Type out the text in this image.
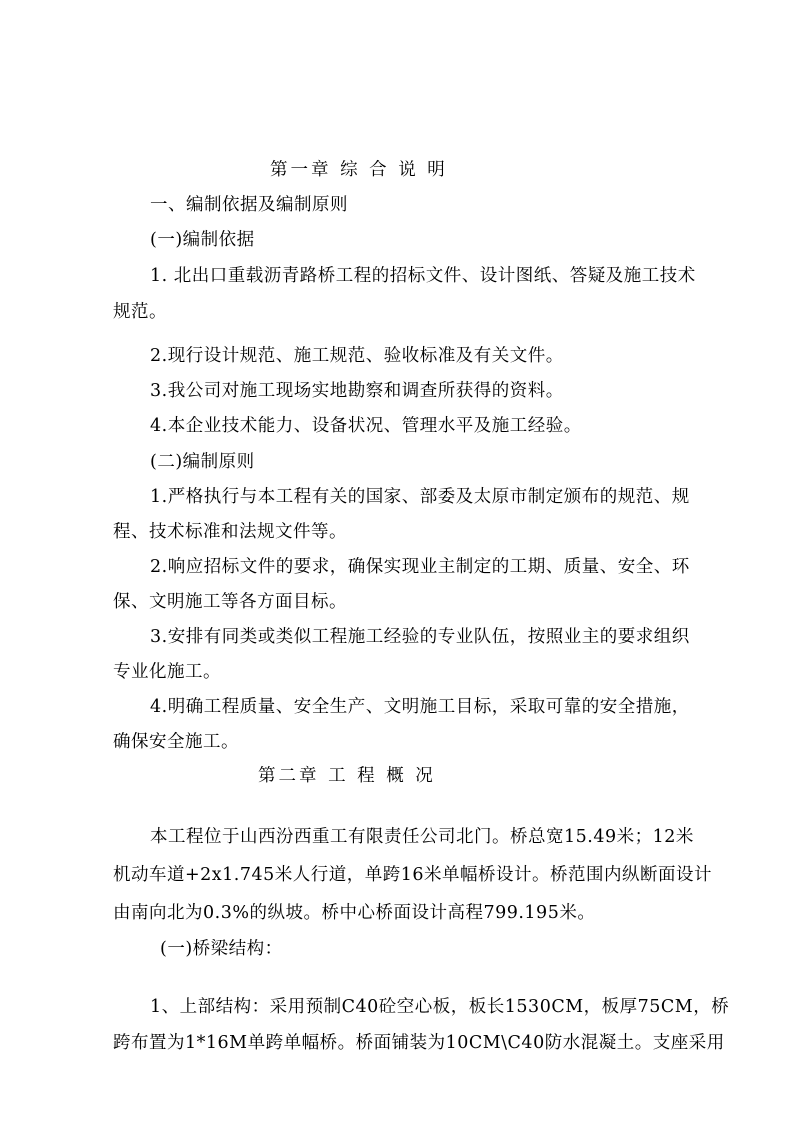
第一章 综 合 说 明
一、编制依据及编制原则
(一)编制依据
1. 北出口重载沥青路桥工程的招标文件、设计图纸、答疑及施工技术
规范。
2.现行设计规范、施工规范、验收标准及有关文件。
3.我公司对施工现场实地勘察和调查所获得的资料。
4.本企业技术能力、设备状况、管理水平及施工经验。
(二)编制原则
1.严格执行与本工程有关的国家、部委及太原市制定颁布的规范、规
程、技术标准和法规文件等。
2.响应招标文件的要求，确保实现业主制定的工期、质量、安全、环
保、文明施工等各方面目标。
3.安排有同类或类似工程施工经验的专业队伍，按照业主的要求组织
专业化施工。
4.明确工程质量、安全生产、文明施工目标，采取可靠的安全措施，
确保安全施工。
第二章 工 程 概 况
本工程位于山西汾西重工有限责任公司北门。桥总宽15.49米；12米
机动车道+2x1.745米人行道，单跨16米单幅桥设计。桥范围内纵断面设计
由南向北为0.3%的纵坡。桥中心桥面设计高程799.195米。
(一)桥梁结构：
1、上部结构：采用预制C40砼空心板，板长1530CM，板厚75CM，桥
跨布置为1*16M单跨单幅桥。桥面铺装为10CM\C40防水混凝土。支座采用
